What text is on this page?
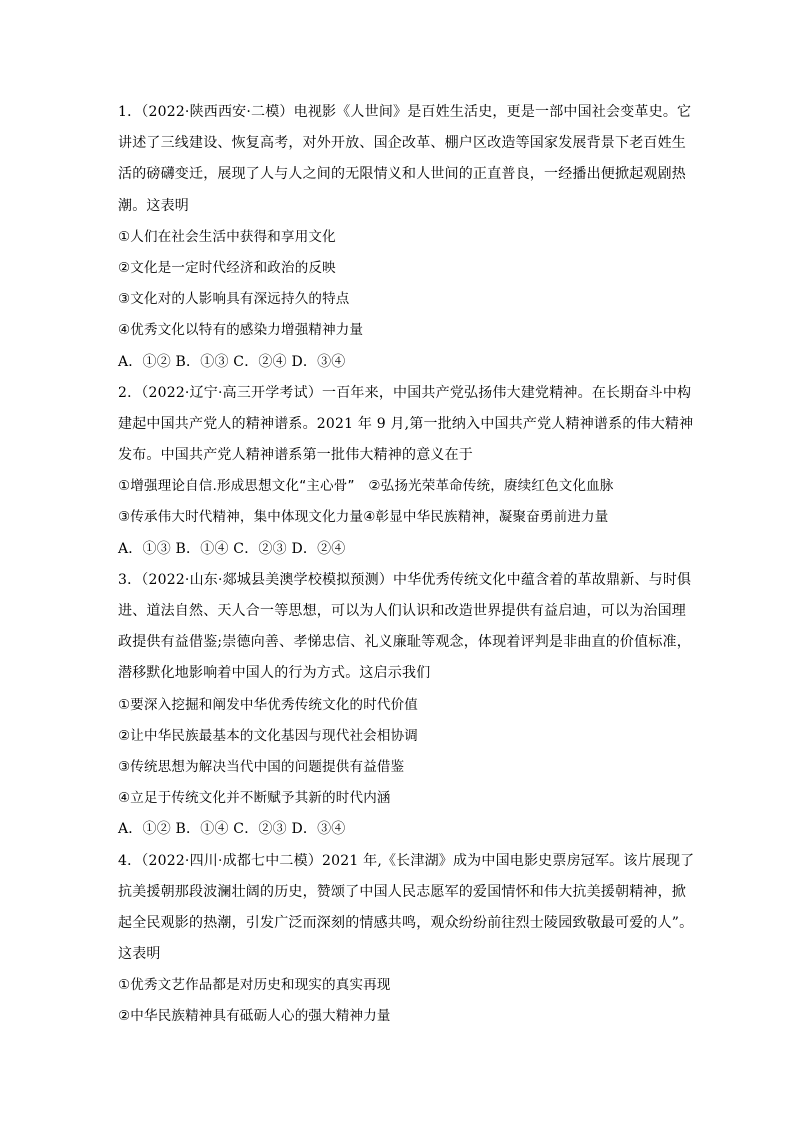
1．（2022·陕西西安·二模）电视影《人世间》是百姓生活史，更是一部中国社会变革史。它
讲述了三线建设、恢复高考，对外开放、国企改革、棚户区改造等国家发展背景下老百姓生
活的磅礴变迁，展现了人与人之间的无限情义和人世间的正直普良，一经播出便掀起观剧热
潮。这表明
①人们在社会生活中获得和享用文化
②文化是一定时代经济和政治的反映
③文化对的人影响具有深远持久的特点
④优秀文化以特有的感染力增强精神力量
A．①② B．①③ C．②④ D．③④
2．（2022·辽宁·高三开学考试）一百年来，中国共产党弘扬伟大建党精神。在长期奋斗中构
建起中国共产党人的精神谱系。2021 年 9 月,第一批纳入中国共产党人精神谱系的伟大精神
发布。中国共产党人精神谱系第一批伟大精神的意义在于
①增强理论自信.形成思想文化“主心骨”　②弘扬光荣革命传统，赓续红色文化血脉
③传承伟大时代精神，集中体现文化力量④彰显中华民族精神，凝聚奋勇前进力量
A．①③ B．①④ C．②③ D．②④
3．（2022·山东·郯城县美澳学校模拟预测）中华优秀传统文化中蕴含着的革故鼎新、与时俱
进、道法自然、天人合一等思想，可以为人们认识和改造世界提供有益启迪，可以为治国理
政提供有益借鉴;崇德向善、孝悌忠信、礼义廉耻等观念，体现着评判是非曲直的价值标准，
潜移默化地影响着中国人的行为方式。这启示我们
①要深入挖掘和阐发中华优秀传统文化的时代价值
②让中华民族最基本的文化基因与现代社会相协调
③传统思想为解决当代中国的问题提供有益借鉴
④立足于传统文化并不断赋予其新的时代内涵
A．①② B．①④ C．②③ D．③④
4．（2022·四川·成都七中二模）2021 年,《长津湖》成为中国电影史票房冠军。该片展现了
抗美援朝那段波澜壮阔的历史，赞颂了中国人民志愿军的爱国情怀和伟大抗美援朝精神，掀
起全民观影的热潮，引发广泛而深刻的情感共鸣，观众纷纷前往烈士陵园致敬最可爱的人”。
这表明
①优秀文艺作品都是对历史和现实的真实再现
②中华民族精神具有砥砺人心的强大精神力量
